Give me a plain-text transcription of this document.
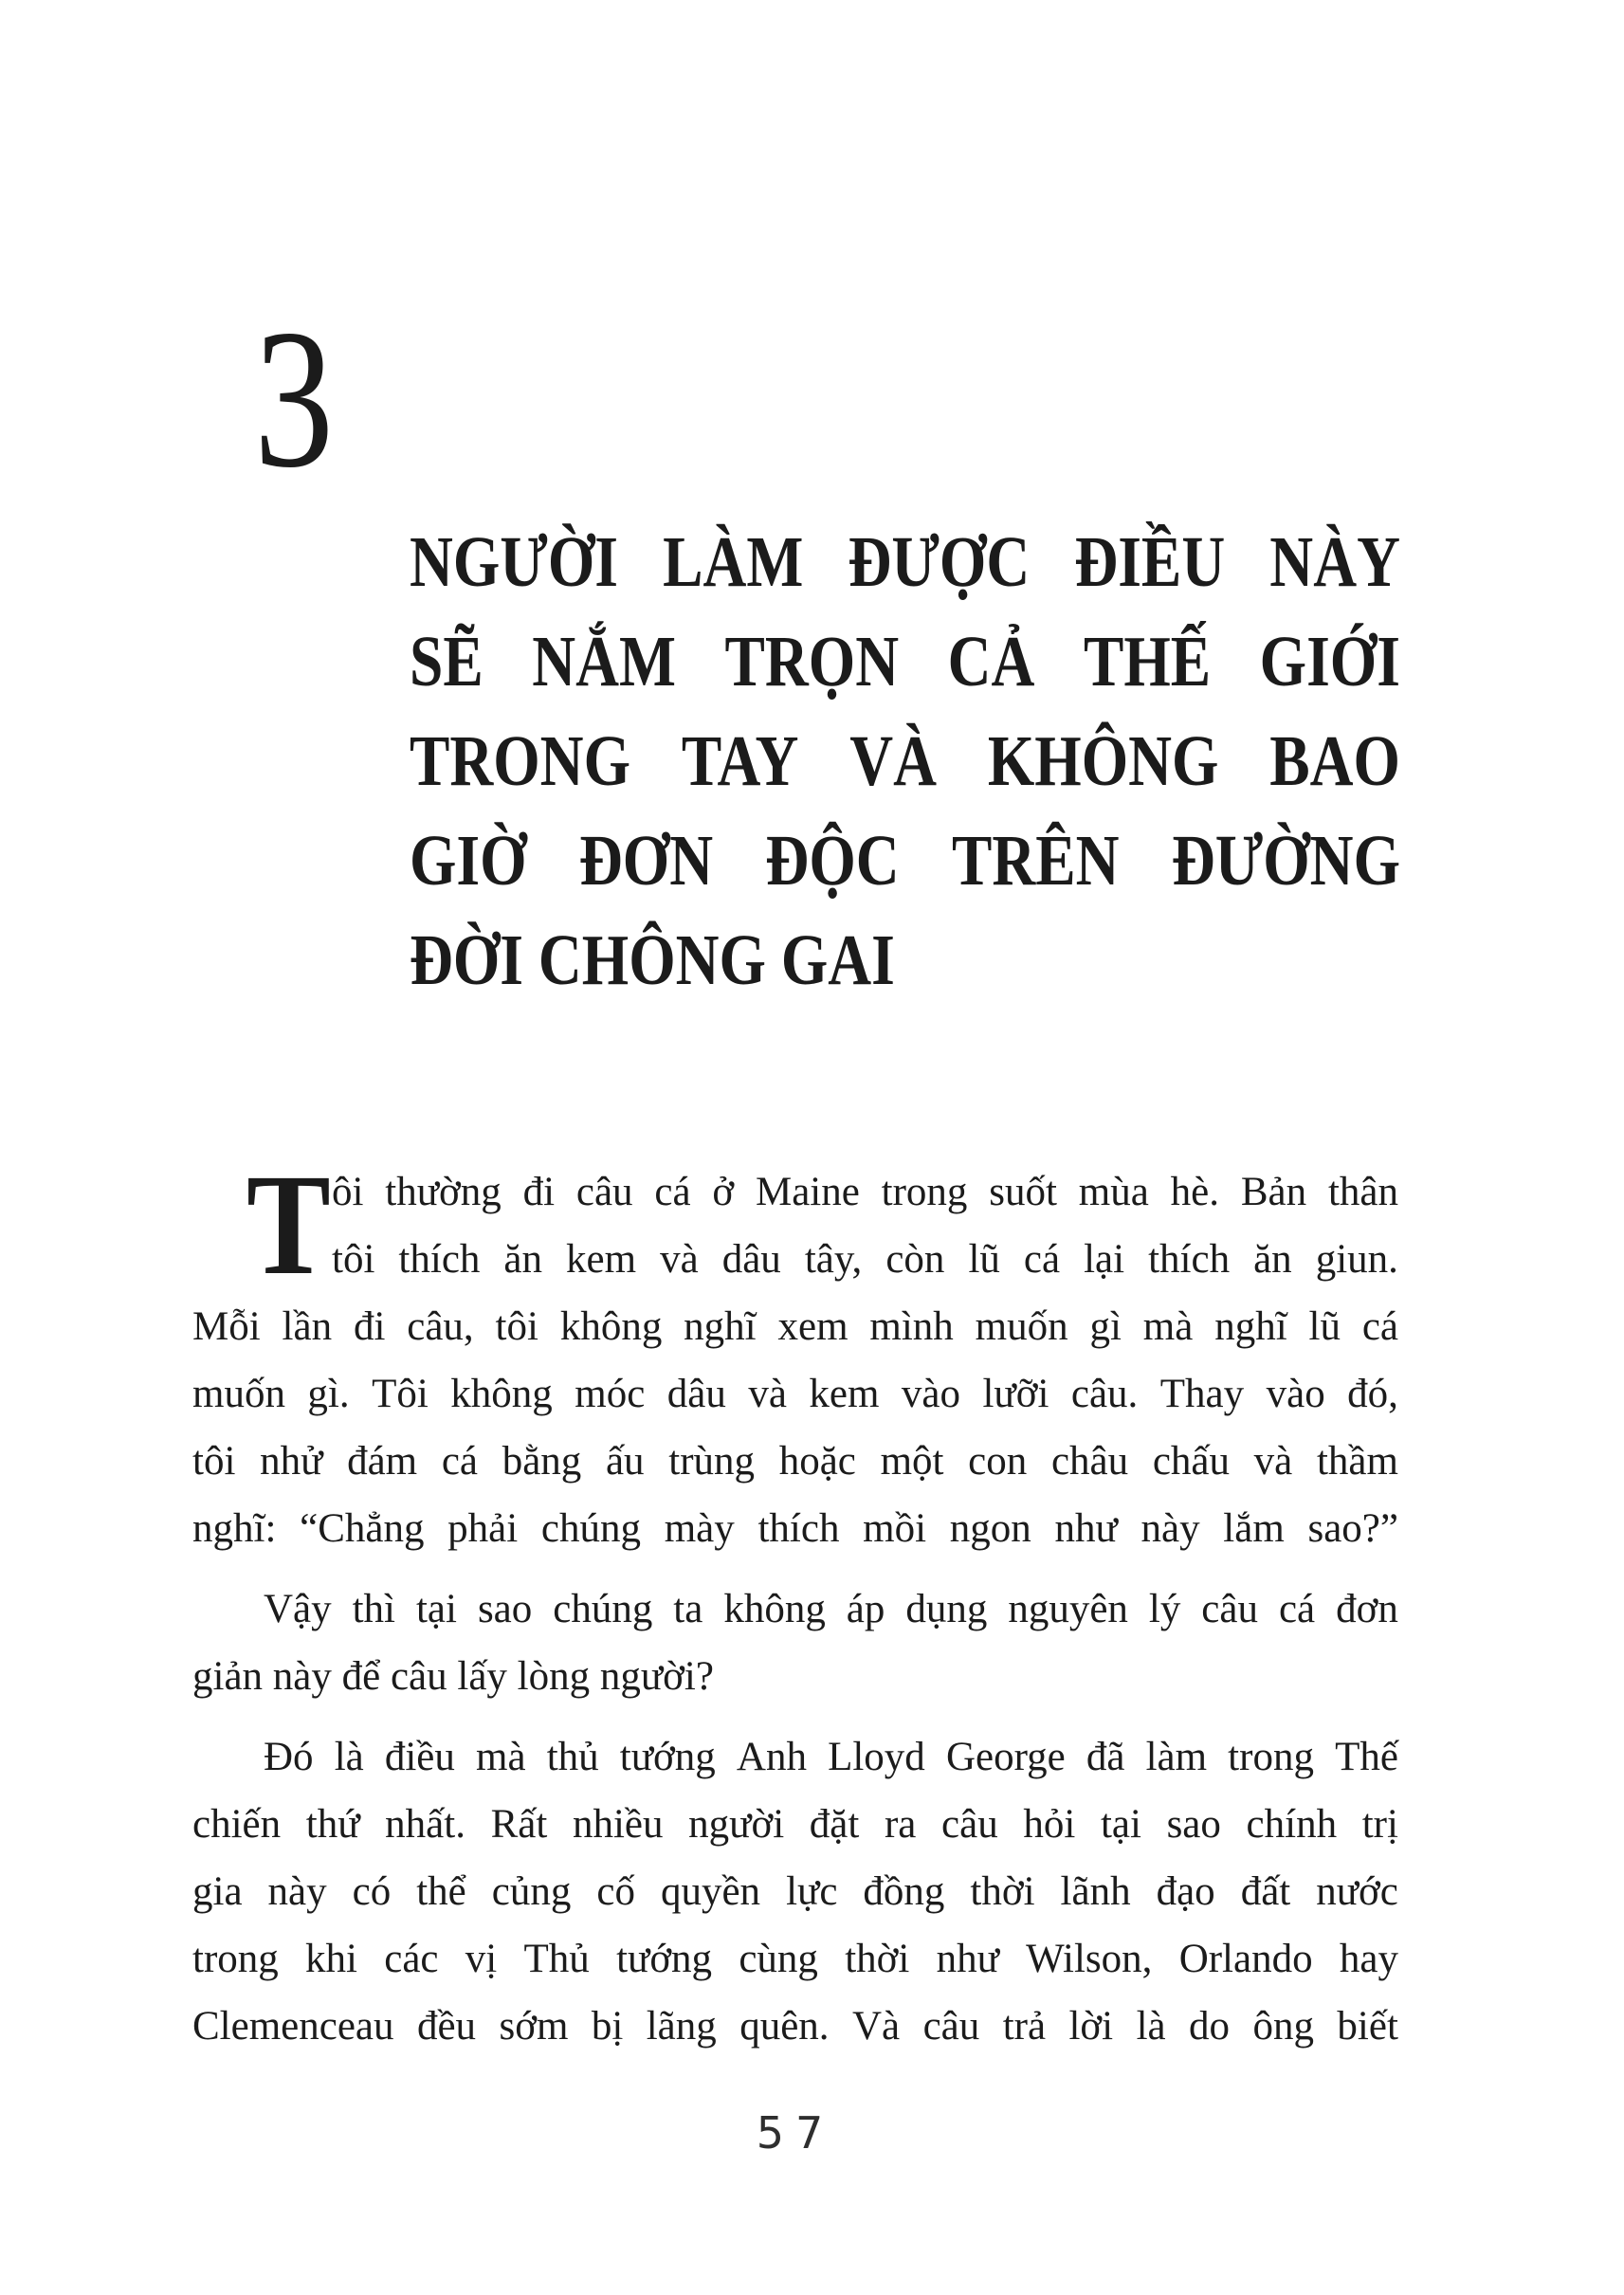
3
NGƯỜI LÀM ĐƯỢC ĐIỀU NÀY
SẼ NẮM TRỌN CẢ THẾ GIỚI
TRONG TAY VÀ KHÔNG BAO
GIỜ ĐƠN ĐỘC TRÊN ĐƯỜNG
ĐỜI CHÔNG GAI
T ôi thường đi câu cá ở Maine trong suốt mùa hè. Bản thân
tôi thích ăn kem và dâu tây, còn lũ cá lại thích ăn giun.
Mỗi lần đi câu, tôi không nghĩ xem mình muốn gì mà nghĩ lũ cá
muốn gì. Tôi không móc dâu và kem vào lưỡi câu. Thay vào đó,
tôi nhử đám cá bằng ấu trùng hoặc một con châu chấu và thầm
nghĩ: “Chẳng phải chúng mày thích mồi ngon như này lắm sao?”
Vậy thì tại sao chúng ta không áp dụng nguyên lý câu cá đơn
giản này để câu lấy lòng người?
Đó là điều mà thủ tướng Anh Lloyd George đã làm trong Thế
chiến thứ nhất. Rất nhiều người đặt ra câu hỏi tại sao chính trị
gia này có thể củng cố quyền lực đồng thời lãnh đạo đất nước
trong khi các vị Thủ tướng cùng thời như Wilson, Orlando hay
Clemenceau đều sớm bị lãng quên. Và câu trả lời là do ông biết
57
